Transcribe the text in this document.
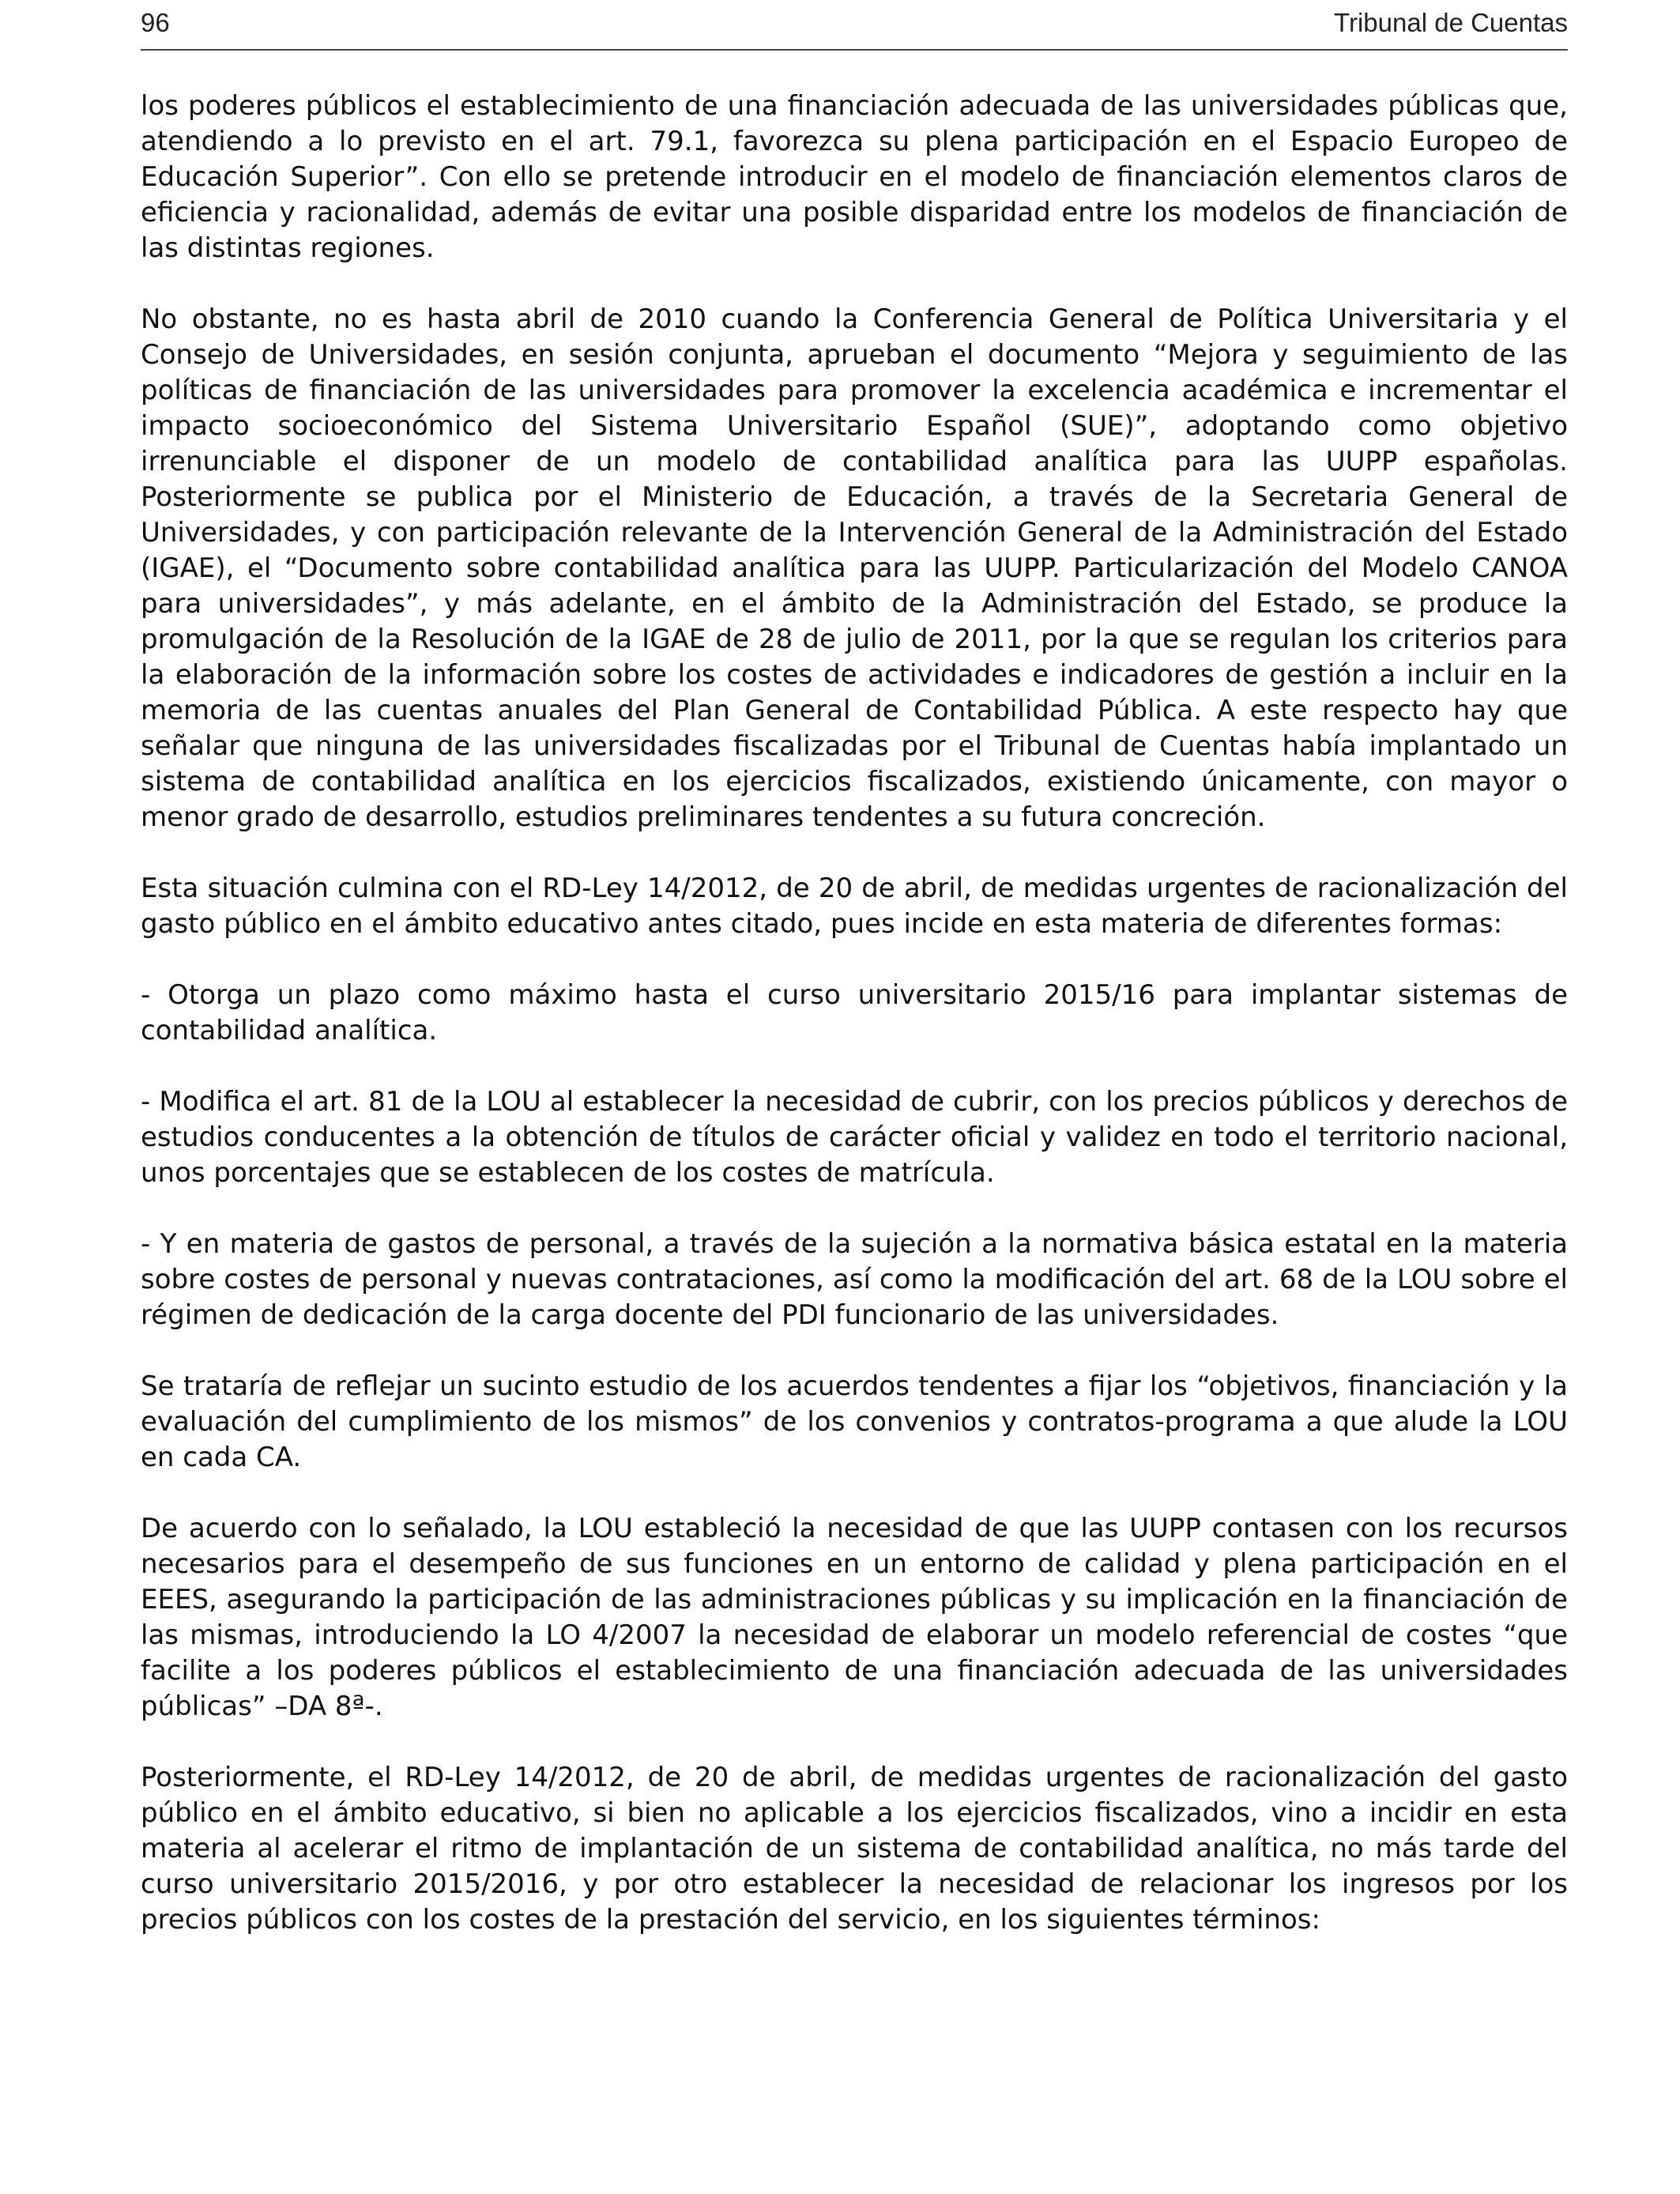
96	Tribunal de Cuentas

los poderes públicos el establecimiento de una financiación adecuada de las universidades públicas que, atendiendo a lo previsto en el art. 79.1, favorezca su plena participación en el Espacio Europeo de Educación Superior”. Con ello se pretende introducir en el modelo de financiación elementos claros de eficiencia y racionalidad, además de evitar una posible disparidad entre los modelos de financiación de las distintas regiones.

No obstante, no es hasta abril de 2010 cuando la Conferencia General de Política Universitaria y el Consejo de Universidades, en sesión conjunta, aprueban el documento “Mejora y seguimiento de las políticas de financiación de las universidades para promover la excelencia académica e incrementar el impacto socioeconómico del Sistema Universitario Español (SUE)”, adoptando como objetivo irrenunciable el disponer de un modelo de contabilidad analítica para las UUPP españolas. Posteriormente se publica por el Ministerio de Educación, a través de la Secretaria General de Universidades, y con participación relevante de la Intervención General de la Administración del Estado (IGAE), el “Documento sobre contabilidad analítica para las UUPP. Particularización del Modelo CANOA para universidades”, y más adelante, en el ámbito de la Administración del Estado, se produce la promulgación de la Resolución de la IGAE de 28 de julio de 2011, por la que se regulan los criterios para la elaboración de la información sobre los costes de actividades e indicadores de gestión a incluir en la memoria de las cuentas anuales del Plan General de Contabilidad Pública. A este respecto hay que señalar que ninguna de las universidades fiscalizadas por el Tribunal de Cuentas había implantado un sistema de contabilidad analítica en los ejercicios fiscalizados, existiendo únicamente, con mayor o menor grado de desarrollo, estudios preliminares tendentes a su futura concreción.

Esta situación culmina con el RD-Ley 14/2012, de 20 de abril, de medidas urgentes de racionalización del gasto público en el ámbito educativo antes citado, pues incide en esta materia de diferentes formas:

- Otorga un plazo como máximo hasta el curso universitario 2015/16 para implantar sistemas de contabilidad analítica.

- Modifica el art. 81 de la LOU al establecer la necesidad de cubrir, con los precios públicos y derechos de estudios conducentes a la obtención de títulos de carácter oficial y validez en todo el territorio nacional, unos porcentajes que se establecen de los costes de matrícula.

- Y en materia de gastos de personal, a través de la sujeción a la normativa básica estatal en la materia sobre costes de personal y nuevas contrataciones, así como la modificación del art. 68 de la LOU sobre el régimen de dedicación de la carga docente del PDI funcionario de las universidades.

Se trataría de reflejar un sucinto estudio de los acuerdos tendentes a fijar los “objetivos, financiación y la evaluación del cumplimiento de los mismos” de los convenios y contratos-programa a que alude la LOU en cada CA.

De acuerdo con lo señalado, la LOU estableció la necesidad de que las UUPP contasen con los recursos necesarios para el desempeño de sus funciones en un entorno de calidad y plena participación en el EEES, asegurando la participación de las administraciones públicas y su implicación en la financiación de las mismas, introduciendo la LO 4/2007 la necesidad de elaborar un modelo referencial de costes “que facilite a los poderes públicos el establecimiento de una financiación adecuada de las universidades públicas” –DA 8ª-.

Posteriormente, el RD-Ley 14/2012, de 20 de abril, de medidas urgentes de racionalización del gasto público en el ámbito educativo, si bien no aplicable a los ejercicios fiscalizados, vino a incidir en esta materia al acelerar el ritmo de implantación de un sistema de contabilidad analítica, no más tarde del curso universitario 2015/2016, y por otro establecer la necesidad de relacionar los ingresos por los precios públicos con los costes de la prestación del servicio, en los siguientes términos:
